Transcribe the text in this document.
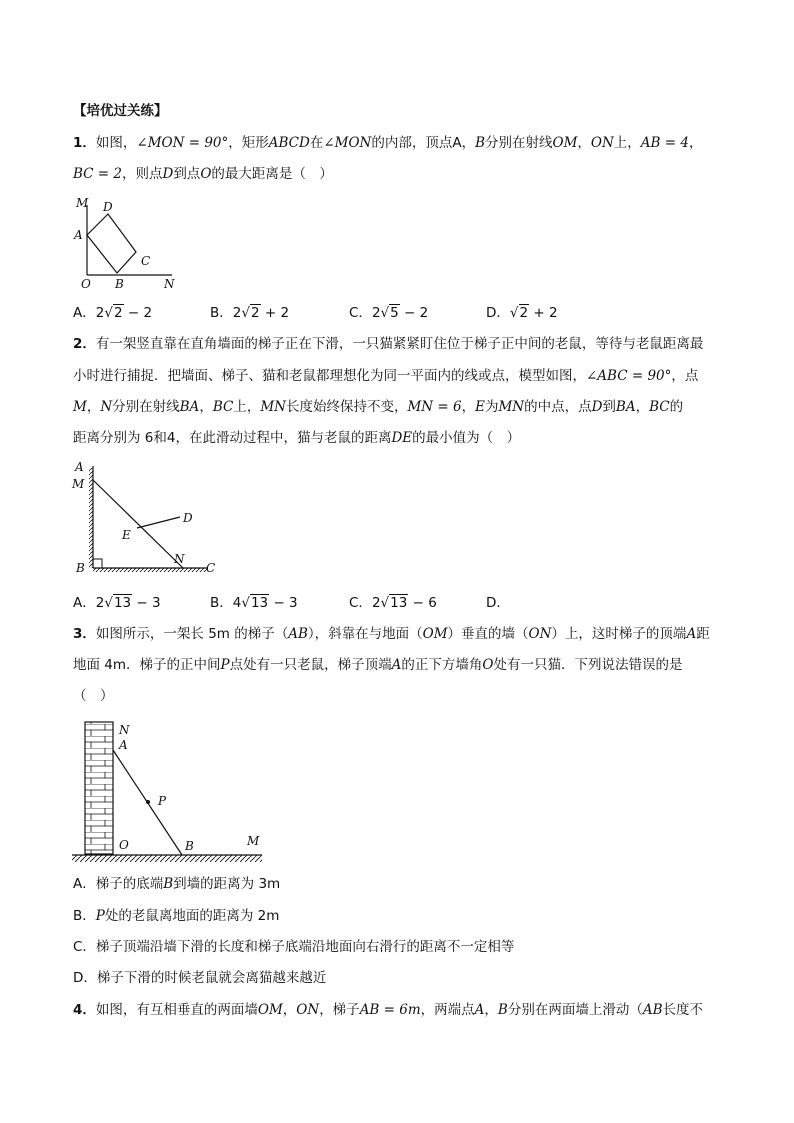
【培优过关练】
1．如图，∠MON = 90°，矩形ABCD在∠MON的内部，顶点A，B分别在射线OM，ON上，AB = 4，
BC = 2，则点D到点O的最大距离是（　）
M D
A
C
O B	N
A．2√2 − 2	B．2√2 + 2	C．2√5 − 2	D．√2 + 2
2．有一架竖直靠在直角墙面的梯子正在下滑，一只猫紧紧盯住位于梯子正中间的老鼠，等待与老鼠距离最
小时进行捕捉．把墙面、梯子、猫和老鼠都理想化为同一平面内的线或点，模型如图，∠ABC = 90°，点
M，N分别在射线BA，BC上，MN长度始终保持不变，MN = 6，E为MN的中点，点D到BA，BC的
距离分别为 6和4，在此滑动过程中，猫与老鼠的距离DE的最小值为（　）
A
M
D
E
N
B	C
A．2√13 − 3	B．4√13 − 3	C．2√13 − 6	D．
3．如图所示，一架长 5m 的梯子（AB），斜靠在与地面（OM）垂直的墙（ON）上，这时梯子的顶端A距
地面 4m．梯子的正中间P点处有一只老鼠，梯子顶端A的正下方墙角O处有一只猫．下列说法错误的是
（　）
N
A
P
O	B	M
A．梯子的底端B到墙的距离为 3m
B．P处的老鼠离地面的距离为 2m
C．梯子顶端沿墙下滑的长度和梯子底端沿地面向右滑行的距离不一定相等
D．梯子下滑的时候老鼠就会离猫越来越近
4．如图，有互相垂直的两面墙OM，ON，梯子AB = 6m，两端点A，B分别在两面墙上滑动（AB长度不
